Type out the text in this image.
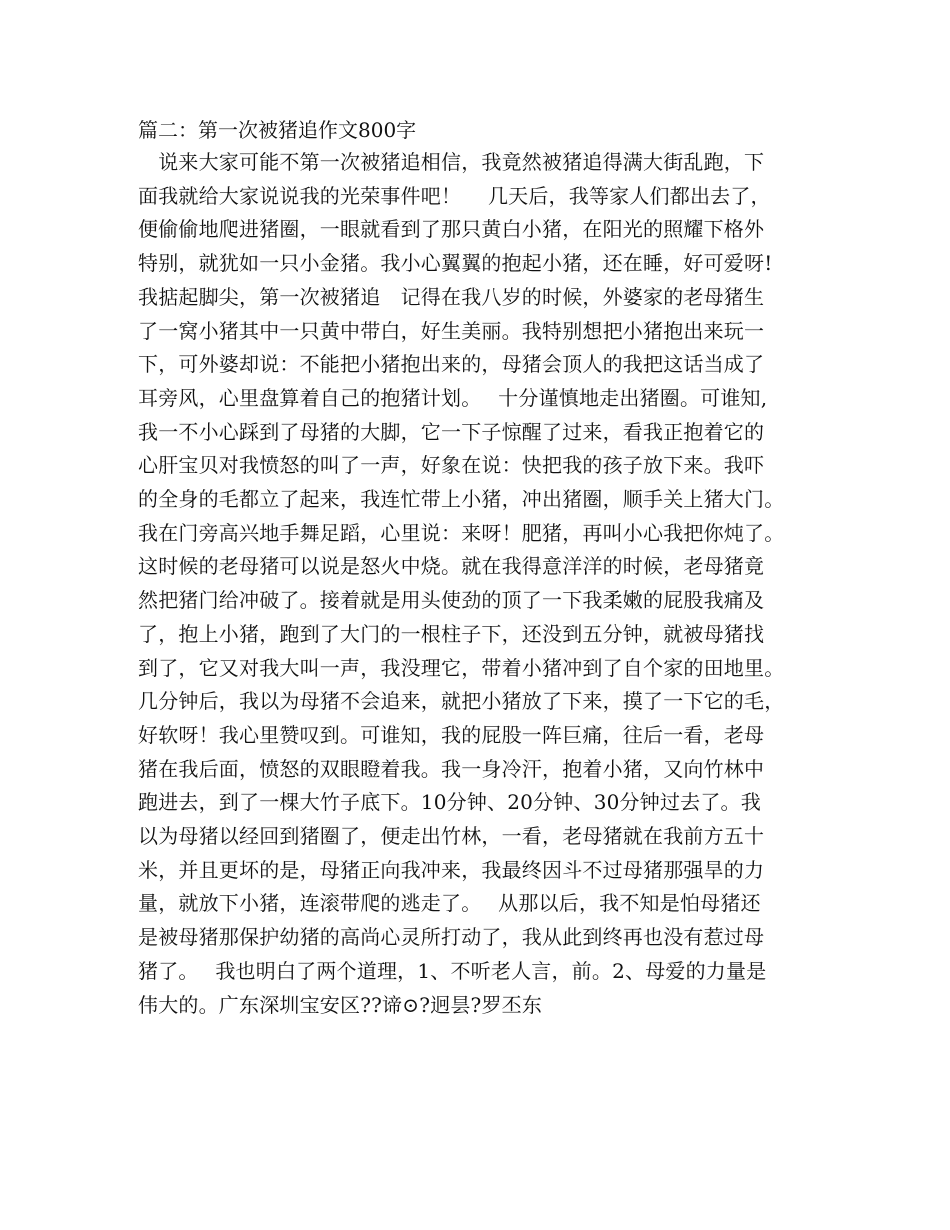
篇二：第一次被猪追作文800字
　说来大家可能不第一次被猪追相信，我竟然被猪追得满大街乱跑，下
面我就给大家说说我的光荣事件吧！　 几天后，我等家人们都出去了，
便偷偷地爬进猪圈，一眼就看到了那只黄白小猪，在阳光的照耀下格外
特别，就犹如一只小金猪。我小心翼翼的抱起小猪，还在睡，好可爱呀!
我掂起脚尖，第一次被猪追　记得在我八岁的时候，外婆家的老母猪生
了一窝小猪其中一只黄中带白，好生美丽。我特别想把小猪抱出来玩一
下，可外婆却说：不能把小猪抱出来的，母猪会顶人的我把这话当成了
耳旁风，心里盘算着自己的抱猪计划。　 十分谨慎地走出猪圈。可谁知,
我一不小心踩到了母猪的大脚，它一下子惊醒了过来，看我正抱着它的
心肝宝贝对我愤怒的叫了一声，好象在说：快把我的孩子放下来。我吓
的全身的毛都立了起来，我连忙带上小猪，冲出猪圈，顺手关上猪大门。
我在门旁高兴地手舞足蹈，心里说：来呀！肥猪，再叫小心我把你炖了。
这时候的老母猪可以说是怒火中烧。就在我得意洋洋的时候，老母猪竟
然把猪门给冲破了。接着就是用头使劲的顶了一下我柔嫩的屁股我痛及
了，抱上小猪，跑到了大门的一根柱子下，还没到五分钟，就被母猪找
到了，它又对我大叫一声，我没理它，带着小猪冲到了自个家的田地里。
几分钟后，我以为母猪不会追来，就把小猪放了下来，摸了一下它的毛，
好软呀！我心里赞叹到。可谁知，我的屁股一阵巨痛，往后一看，老母
猪在我后面，愤怒的双眼瞪着我。我一身冷汗，抱着小猪，又向竹林中
跑进去，到了一棵大竹子底下。10分钟、20分钟、30分钟过去了。我
以为母猪以经回到猪圈了，便走出竹林，一看，老母猪就在我前方五十
米，并且更坏的是，母猪正向我冲来，我最终因斗不过母猪那强旱的力
量，就放下小猪，连滚带爬的逃走了。　 从那以后，我不知是怕母猪还
是被母猪那保护幼猪的高尚心灵所打动了，我从此到终再也没有惹过母
猪了。　 我也明白了两个道理，1、不听老人言，前。2、母爱的力量是
伟大的。广东深圳宝安区??谛⊙?迥昙?罗丕东
